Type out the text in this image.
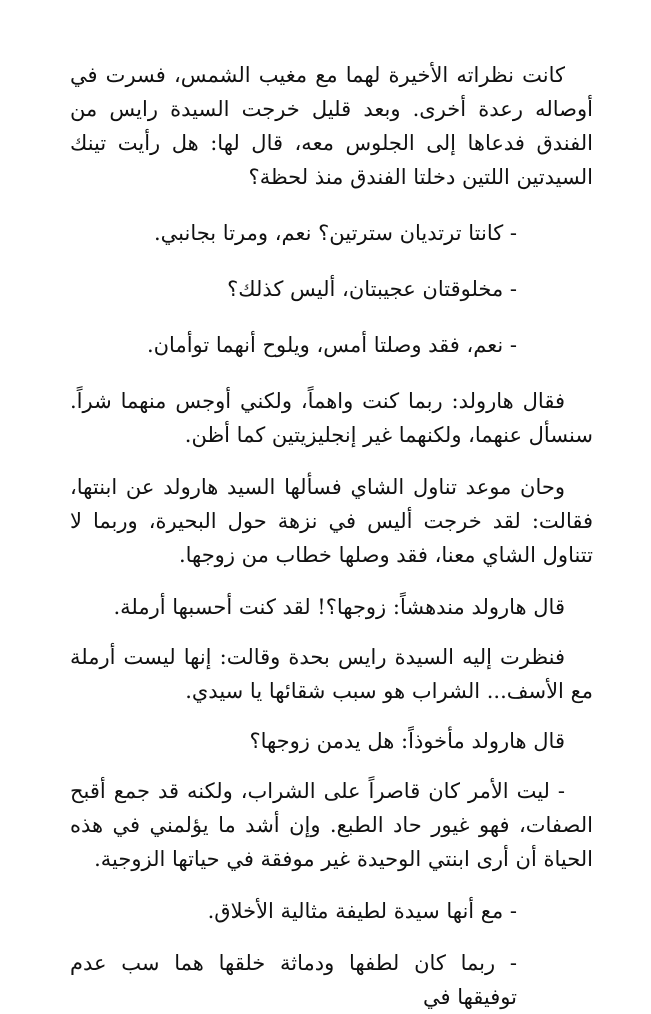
كانت نظراته الأخيرة لهما مع مغيب الشمس، فسرت في أوصاله رعدة أخرى. وبعد قليل خرجت السيدة رايس من الفندق فدعاها إلى الجلوس معه، قال لها: هل رأيت تينك السيدتين اللتين دخلتا الفندق منذ لحظة؟

- كانتا ترتديان سترتين؟ نعم، ومرتا بجانبي.

- مخلوقتان عجيبتان، أليس كذلك؟

- نعم، فقد وصلتا أمس، ويلوح أنهما توأمان.

فقال هارولد: ربما كنت واهماً، ولكني أوجس منهما شراً. سنسأل عنهما، ولكنهما غير إنجليزيتين كما أظن.

وحان موعد تناول الشاي فسألها السيد هارولد عن ابنتها، فقالت: لقد خرجت أليس في نزهة حول البحيرة، وربما لا تتناول الشاي معنا، فقد وصلها خطاب من زوجها.

قال هارولد مندهشاً: زوجها؟! لقد كنت أحسبها أرملة.

فنظرت إليه السيدة رايس بحدة وقالت: إنها ليست أرملة مع الأسف... الشراب هو سبب شقائها يا سيدي.

قال هارولد مأخوذاً: هل يدمن زوجها؟

- ليت الأمر كان قاصراً على الشراب، ولكنه قد جمع أقبح الصفات، فهو غيور حاد الطبع. وإن أشد ما يؤلمني في هذه الحياة أن أرى ابنتي الوحيدة غير موفقة في حياتها الزوجية.

- مع أنها سيدة لطيفة مثالية الأخلاق.

- ربما كان لطفها ودماثة خلقها هما سب عدم توفيقها في
